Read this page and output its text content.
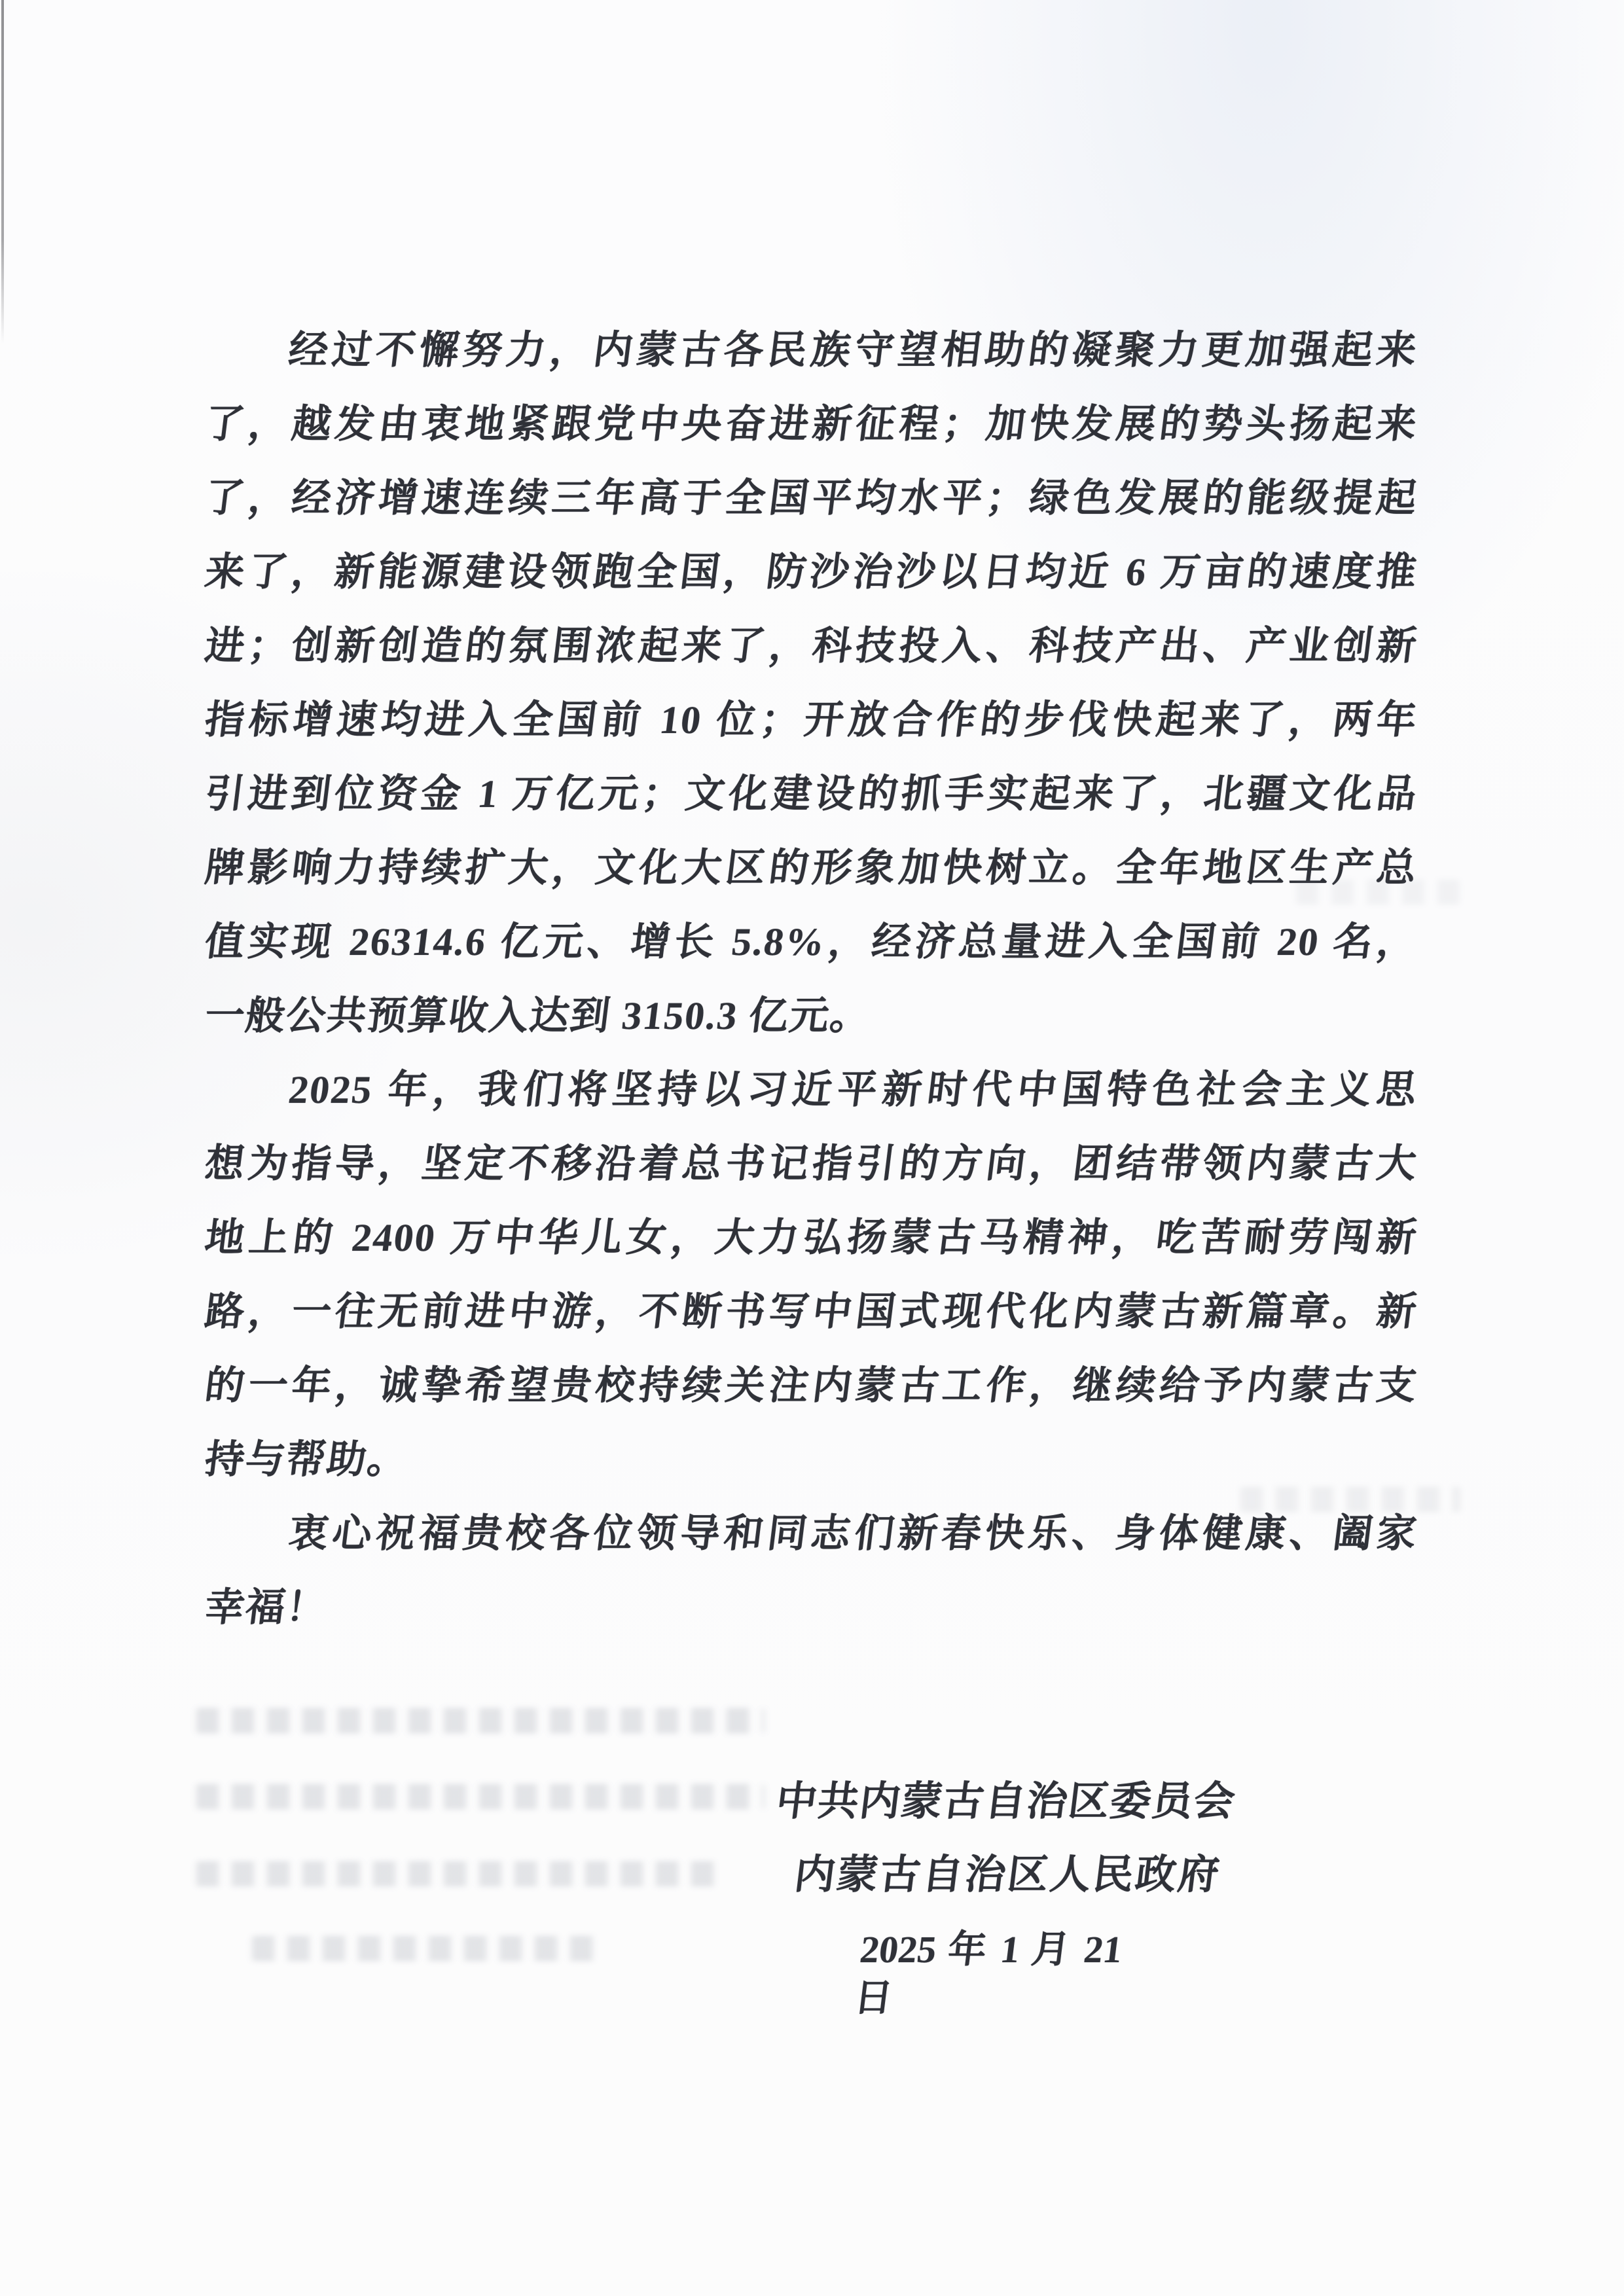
经过不懈努力，内蒙古各民族守望相助的凝聚力更加强起来
了，越发由衷地紧跟党中央奋进新征程；加快发展的势头扬起来
了，经济增速连续三年高于全国平均水平；绿色发展的能级提起
来了，新能源建设领跑全国，防沙治沙以日均近 6 万亩的速度推
进；创新创造的氛围浓起来了，科技投入、科技产出、产业创新
指标增速均进入全国前 10 位；开放合作的步伐快起来了，两年
引进到位资金 1 万亿元；文化建设的抓手实起来了，北疆文化品
牌影响力持续扩大，文化大区的形象加快树立。全年地区生产总
值实现 26314.6 亿元、增长 5.8%，经济总量进入全国前 20 名，
一般公共预算收入达到 3150.3 亿元。
2025 年，我们将坚持以习近平新时代中国特色社会主义思
想为指导，坚定不移沿着总书记指引的方向，团结带领内蒙古大
地上的 2400 万中华儿女，大力弘扬蒙古马精神，吃苦耐劳闯新
路，一往无前进中游，不断书写中国式现代化内蒙古新篇章。新
的一年，诚挚希望贵校持续关注内蒙古工作，继续给予内蒙古支
持与帮助。
衷心祝福贵校各位领导和同志们新春快乐、身体健康、阖家
幸福！
中共内蒙古自治区委员会
内蒙古自治区人民政府
2025 年 1 月 21 日
